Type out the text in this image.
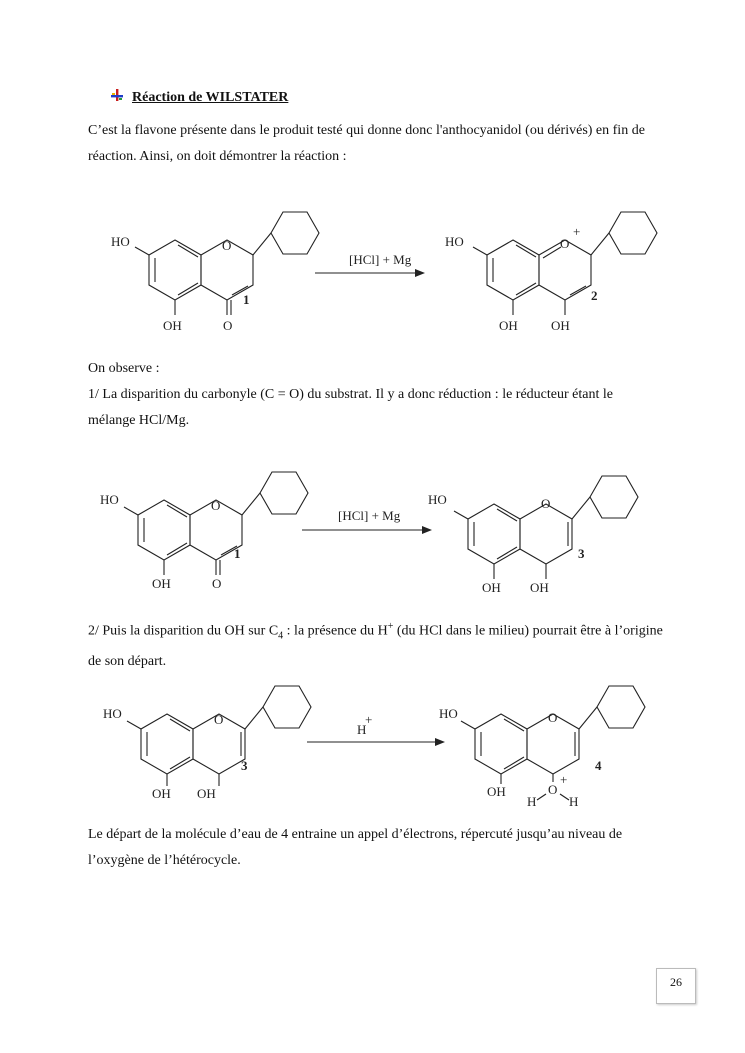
Réaction de WILSTATER

C’est la flavone présente dans le produit testé qui donne donc l'anthocyanidol (ou dérivés) en fin de réaction. Ainsi, on doit démontrer la réaction :

HO	O
OH	O
1
[HCl] + Mg
HO	O
+
OH	OH
2

On observe :

1/ La disparition du carbonyle (C = O) du substrat. Il y a donc réduction : le réducteur étant le mélange HCl/Mg.

HO	O
OH	O
1
[HCl] + Mg
HO	O
OH OH
3

2/ Puis la disparition du OH sur $C_4$ : la présence du H+ (du HCl dans le milieu) pourrait être à l’origine de son départ.

HO	O
OH OH
3
H
+	HO	O
OH	O
+
H	H
4

Le départ de la molécule d’eau de 4 entraine un appel d’électrons, répercuté jusqu’au niveau de l’oxygène de l’hétérocycle.

26
